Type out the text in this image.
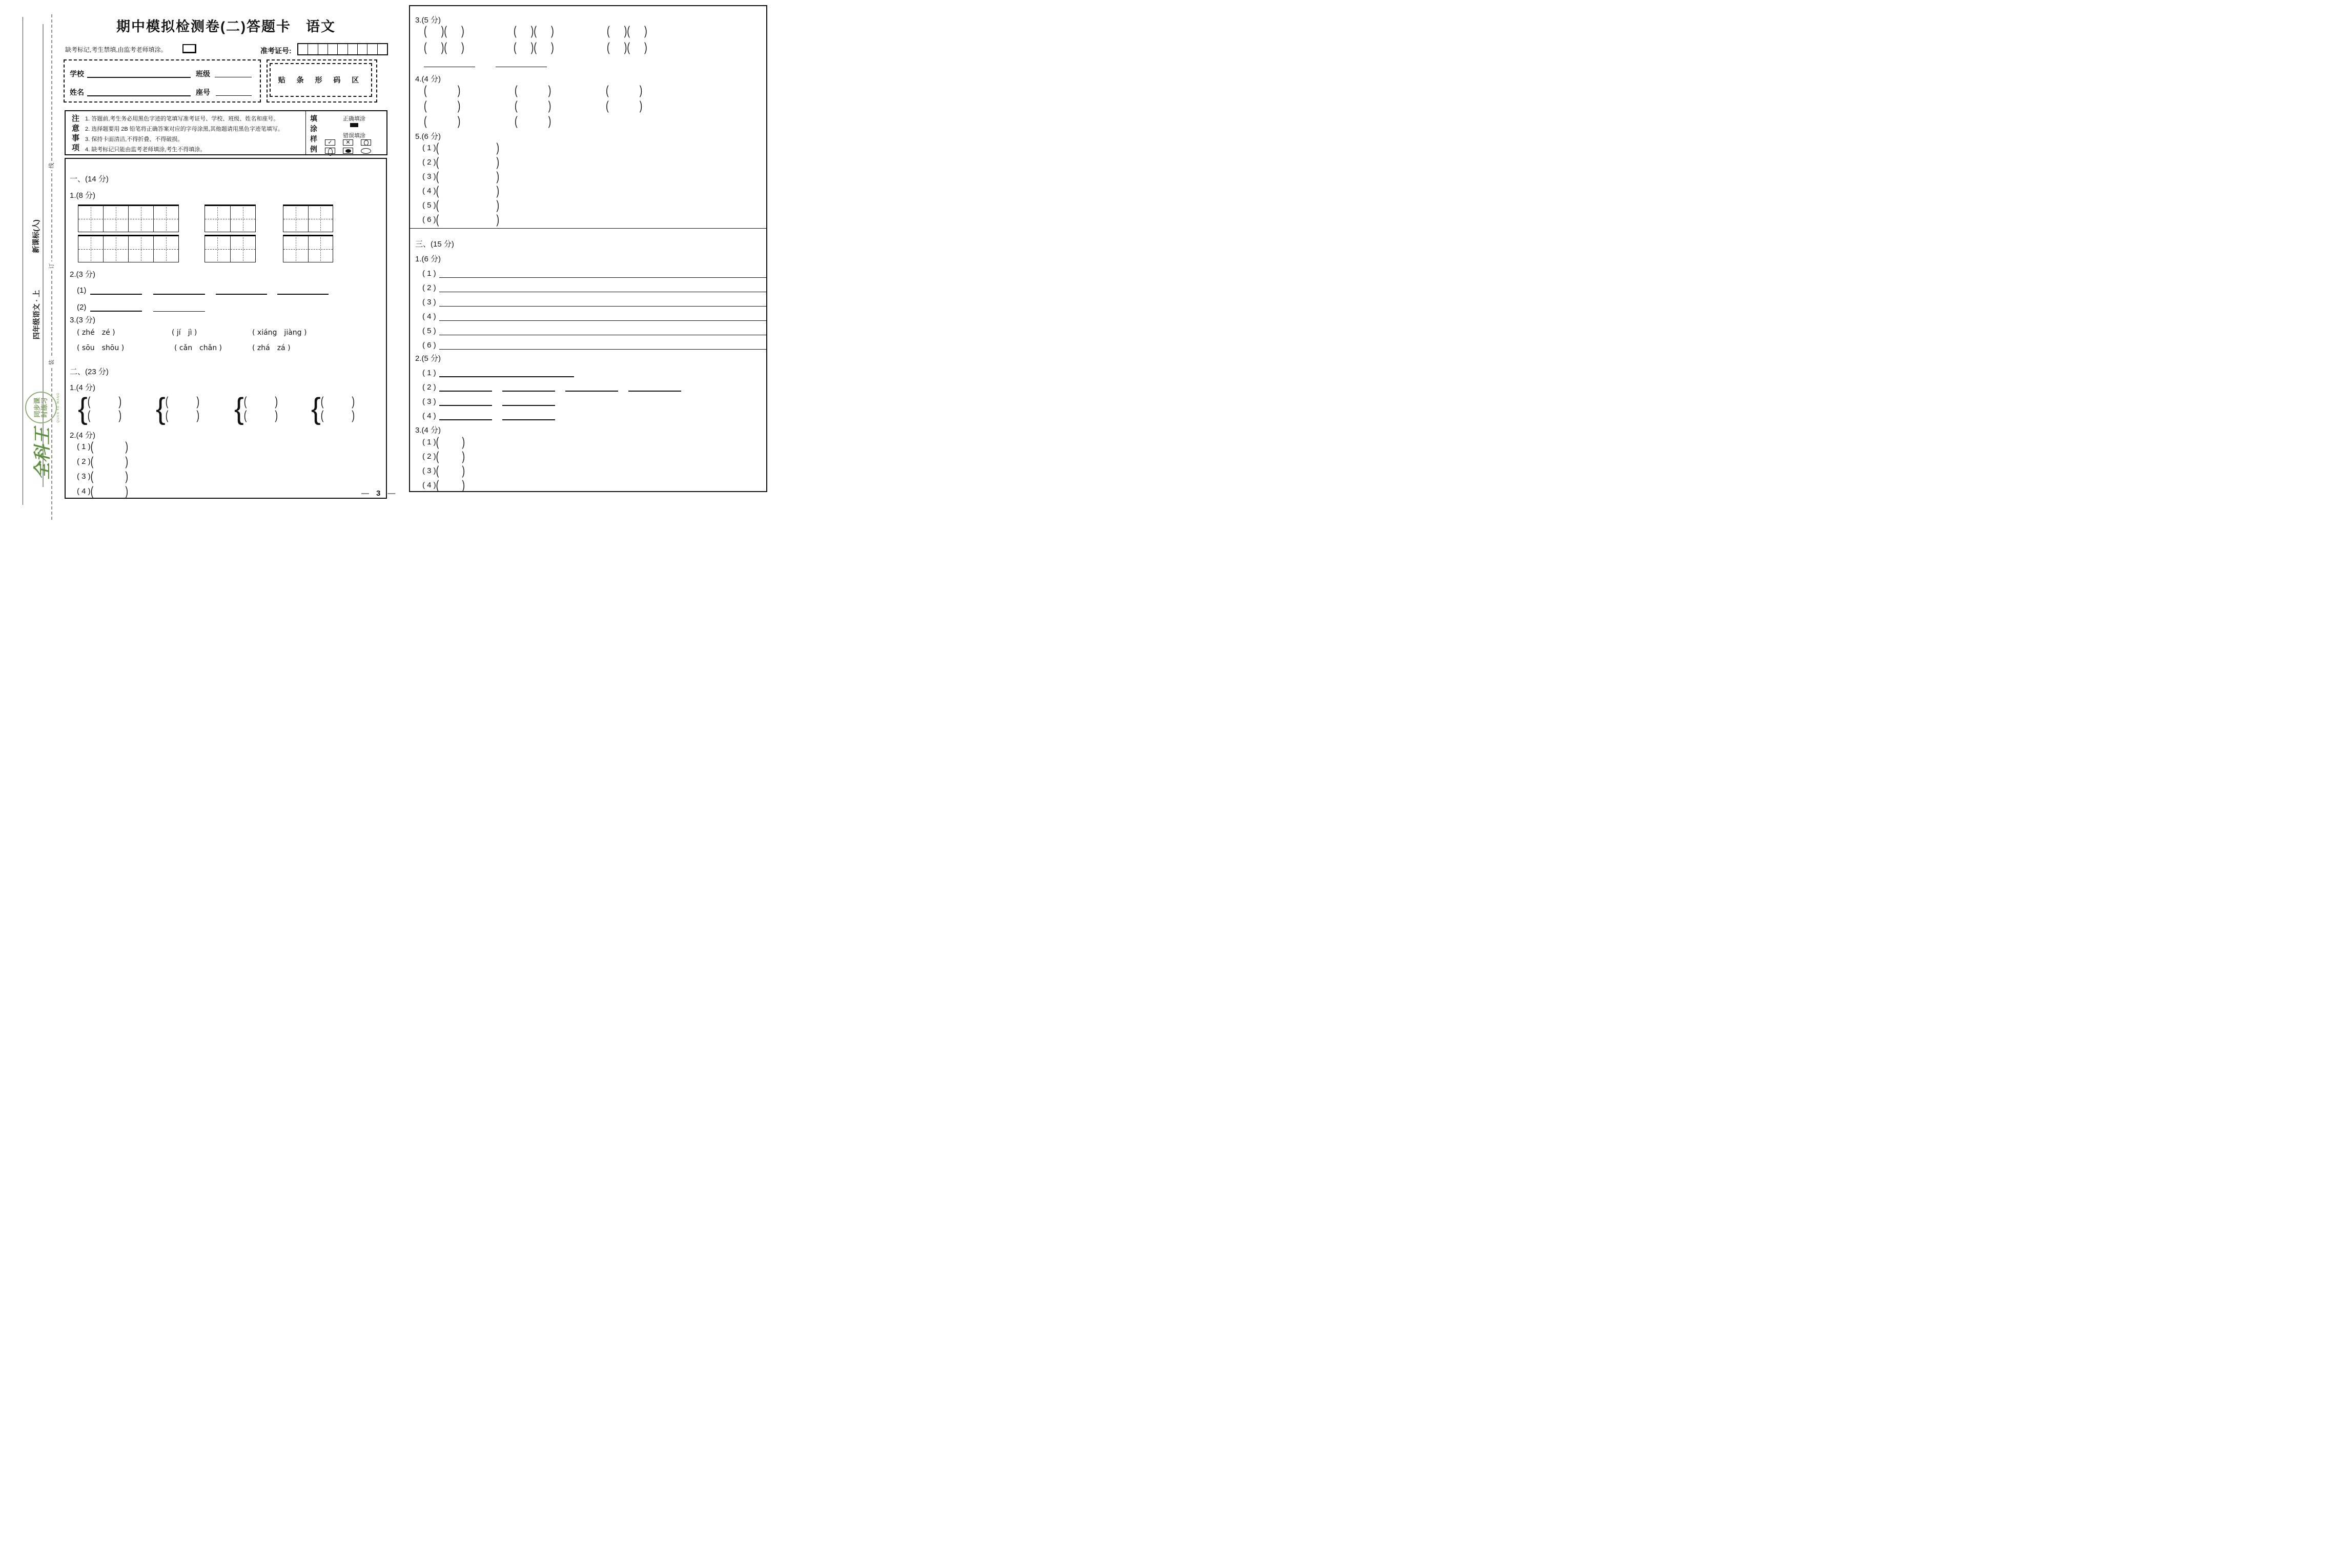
线
订
装
新课标(人)
四年级语文 · 上
全科王
同步课时练习	QUAN KE WANG
期中模拟检测卷(二)答题卡　语文
缺考标记,考生禁填,由监考老师填涂。	准考证号:
学校	班级
姓名	座号
贴 条 形 码 区
注意事项
1. 答题前,考生务必用黑色字迹的笔填写准考证号、学校、班级、姓名和座号。
2. 选择题要用 2B 铅笔将正确答案对应的字母涂黑,其他题请用黑色字迹笔填写。
3. 保持卡面清洁,不得折叠、不得破损。
4. 缺考标记只能由监考老师填涂,考生不得填涂。
填涂样例
正确填涂
错误填涂
✓	✕
一、(14 分)
1.(8 分)
2.(3 分)
(1)
(2)
3.(3 分)
( zhé　zé )	( jí　jì )	( xiáng　jiàng )
( sōu　shōu )	( cǎn　chǎn )	( zhá　zá )
二、(23 分)
1.(4 分)
{ (	)
(	) { (	)
(	) { (	)
(	) { (	)
(	)
2.(4 分)
( 1 ) (	)
( 2 ) (	)
( 3 ) (	)
( 4 ) (	)
3.(5 分)
( ) ( )	( ) ( )	( ) ( )
( ) ( )	( ) ( )	( ) ( )
4.(4 分)
(	)	(	)	(	)
(	)	(	)	(	)
(	)	(	)
5.(6 分)
( 1 ) (	)
( 2 ) (	)
( 3 ) (	)
( 4 ) (	)
( 5 ) (	)
( 6 ) (	)
三、(15 分)
1.(6 分)
( 1 )
( 2 )
( 3 )
( 4 )
( 5 )
( 6 )
2.(5 分)
( 1 )
( 2 )
( 3 )
( 4 )
3.(4 分)
( 1 ) (	)
( 2 ) (	)
( 3 ) (	)
( 4 ) (	)
— 3 —
